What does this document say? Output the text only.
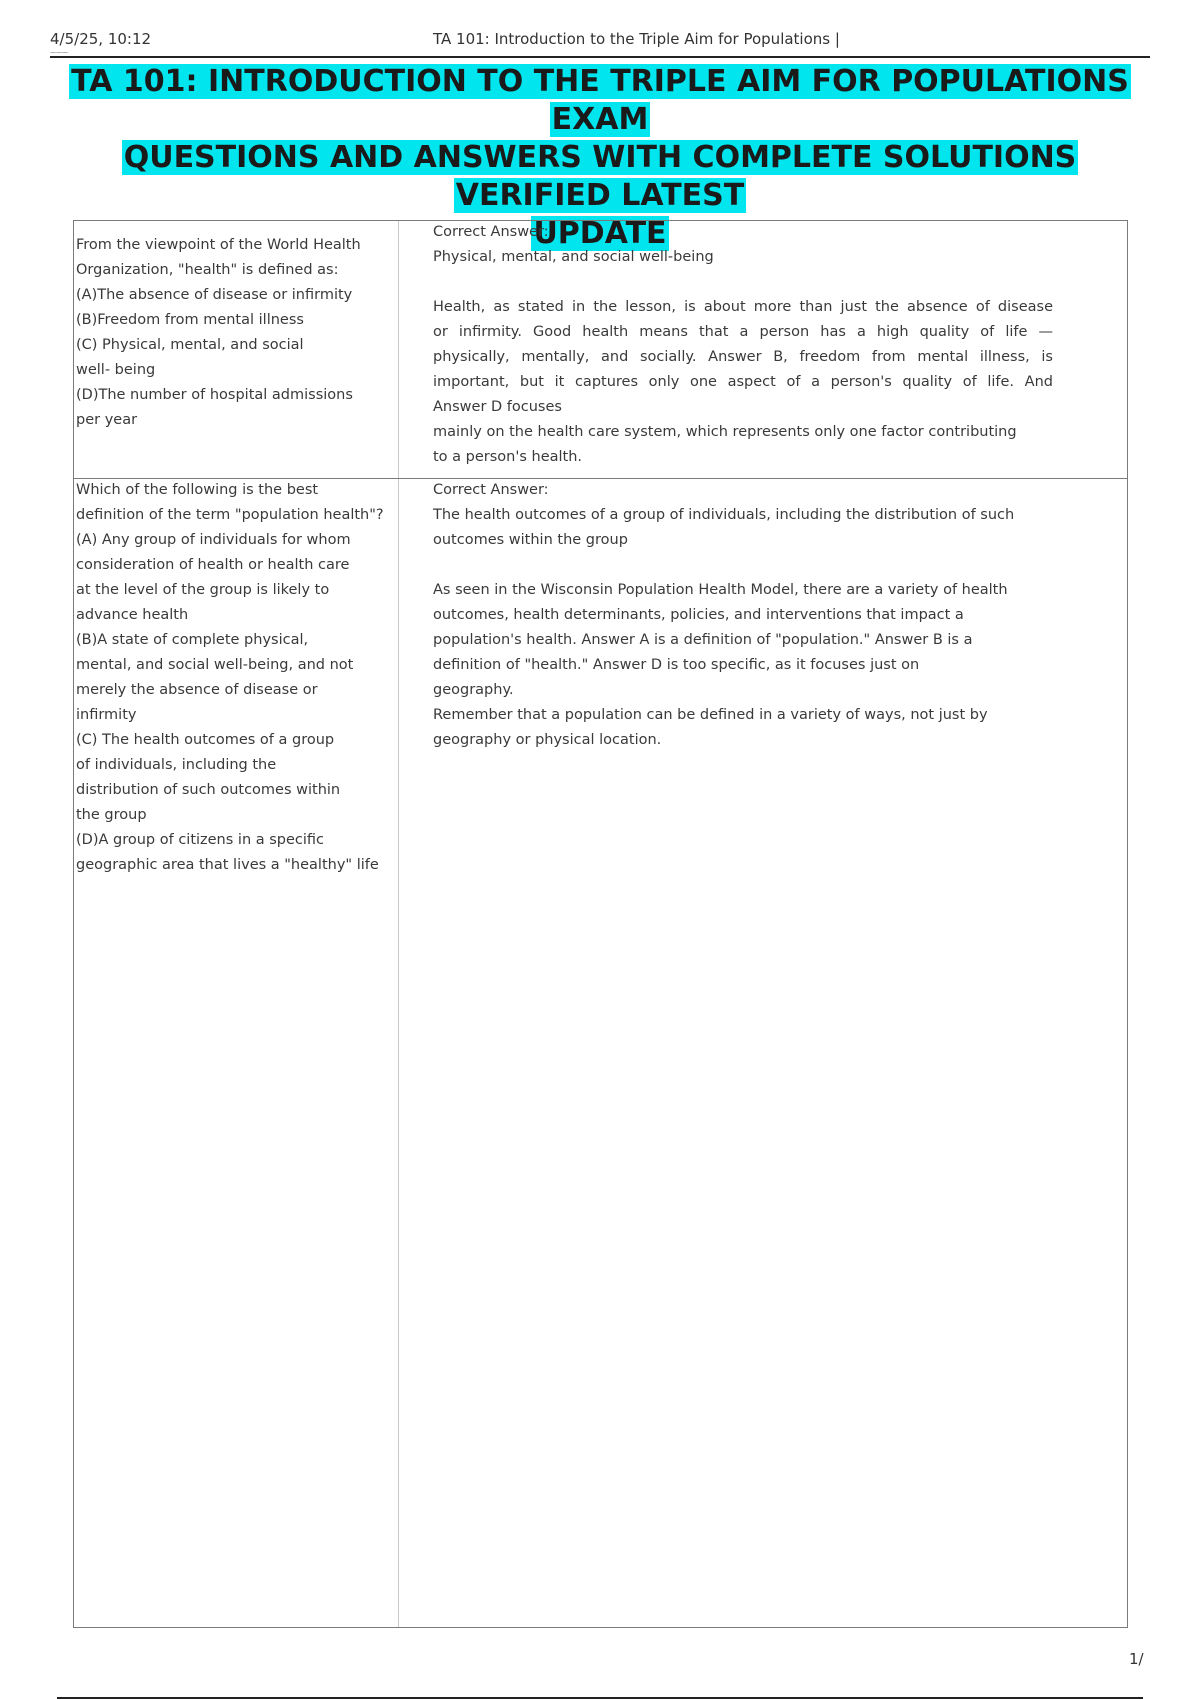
4/5/25, 10:12
———
TA 101: Introduction to the Triple Aim for Populations |
TA 101: INTRODUCTION TO THE TRIPLE AIM FOR POPULATIONS EXAM
QUESTIONS AND ANSWERS WITH COMPLETE SOLUTIONS VERIFIED LATEST
UPDATE
From the viewpoint of the World Health
Organization, "health" is defined as:
(A)The absence of disease or infirmity
(B)Freedom from mental illness
(C) Physical, mental, and social
well- being
(D)The number of hospital admissions
per year
Correct Answer:
Physical, mental, and social well-being
Health, as stated in the lesson, is about more than just the absence of disease
or infirmity. Good health means that a person has a high quality of life —
physically, mentally, and socially. Answer B, freedom from mental illness, is
important, but it captures only one aspect of a person's quality of life. And
Answer D focuses
mainly on the health care system, which represents only one factor contributing
to a person's health.
Which of the following is the best
definition of the term "population health"?
(A) Any group of individuals for whom
consideration of health or health care
at the level of the group is likely to
advance health
(B)A state of complete physical,
mental, and social well-being, and not
merely the absence of disease or
infirmity
(C) The health outcomes of a group
of individuals, including the
distribution of such outcomes within
the group
(D)A group of citizens in a specific
geographic area that lives a "healthy" life
Correct Answer:
The health outcomes of a group of individuals, including the distribution of such
outcomes within the group
As seen in the Wisconsin Population Health Model, there are a variety of health
outcomes, health determinants, policies, and interventions that impact a
population's health. Answer A is a definition of "population." Answer B is a
definition of "health." Answer D is too specific, as it focuses just on
geography.
Remember that a population can be defined in a variety of ways, not just by
geography or physical location.
1/
